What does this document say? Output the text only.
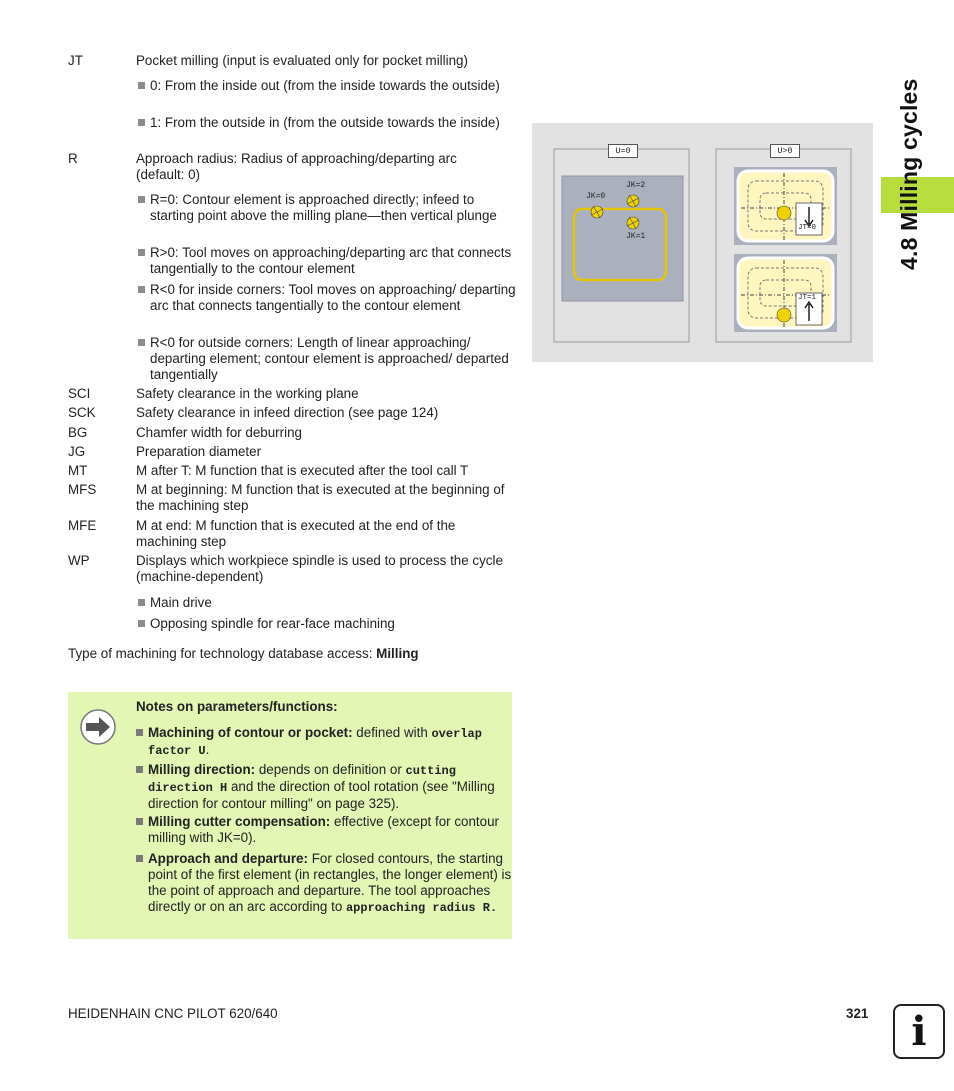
4.8 Milling cycles
JT	Pocket milling (input is evaluated only for pocket milling)
0: From the inside out (from the inside towards the outside)
1: From the outside in (from the outside towards the inside)
R	Approach radius: Radius of approaching/departing arc (default: 0)
R=0: Contour element is approached directly; infeed to starting point above the milling plane—then vertical plunge
R>0: Tool moves on approaching/departing arc that connects tangentially to the contour element
R<0 for inside corners: Tool moves on approaching/ departing arc that connects tangentially to the contour element
R<0 for outside corners: Length of linear approaching/ departing element; contour element is approached/ departed tangentially
SCI	Safety clearance in the working plane
SCK	Safety clearance in infeed direction (see page 124)
BG	Chamfer width for deburring
JG	Preparation diameter
MT	M after T: M function that is executed after the tool call T
MFS	M at beginning: M function that is executed at the beginning of the machining step
MFE	M at end: M function that is executed at the end of the machining step
WP	Displays which workpiece spindle is used to process the cycle (machine-dependent)
Main drive
Opposing spindle for rear-face machining
Type of machining for technology database access: Milling
Notes on parameters/functions:
Machining of contour or pocket: defined with overlap factor U.
Milling direction: depends on definition or cutting direction H and the direction of tool rotation (see "Milling direction for contour milling" on page 325).
Milling cutter compensation: effective (except for contour milling with JK=0).
Approach and departure: For closed contours, the starting point of the first element (in rectangles, the longer element) is the point of approach and departure. The tool approaches directly or on an arc according to approaching radius R.
U=0	U>0
JK=0
JK=2
JK=1
JT=0
JT=1
HEIDENHAIN CNC PILOT 620/640	321	i
